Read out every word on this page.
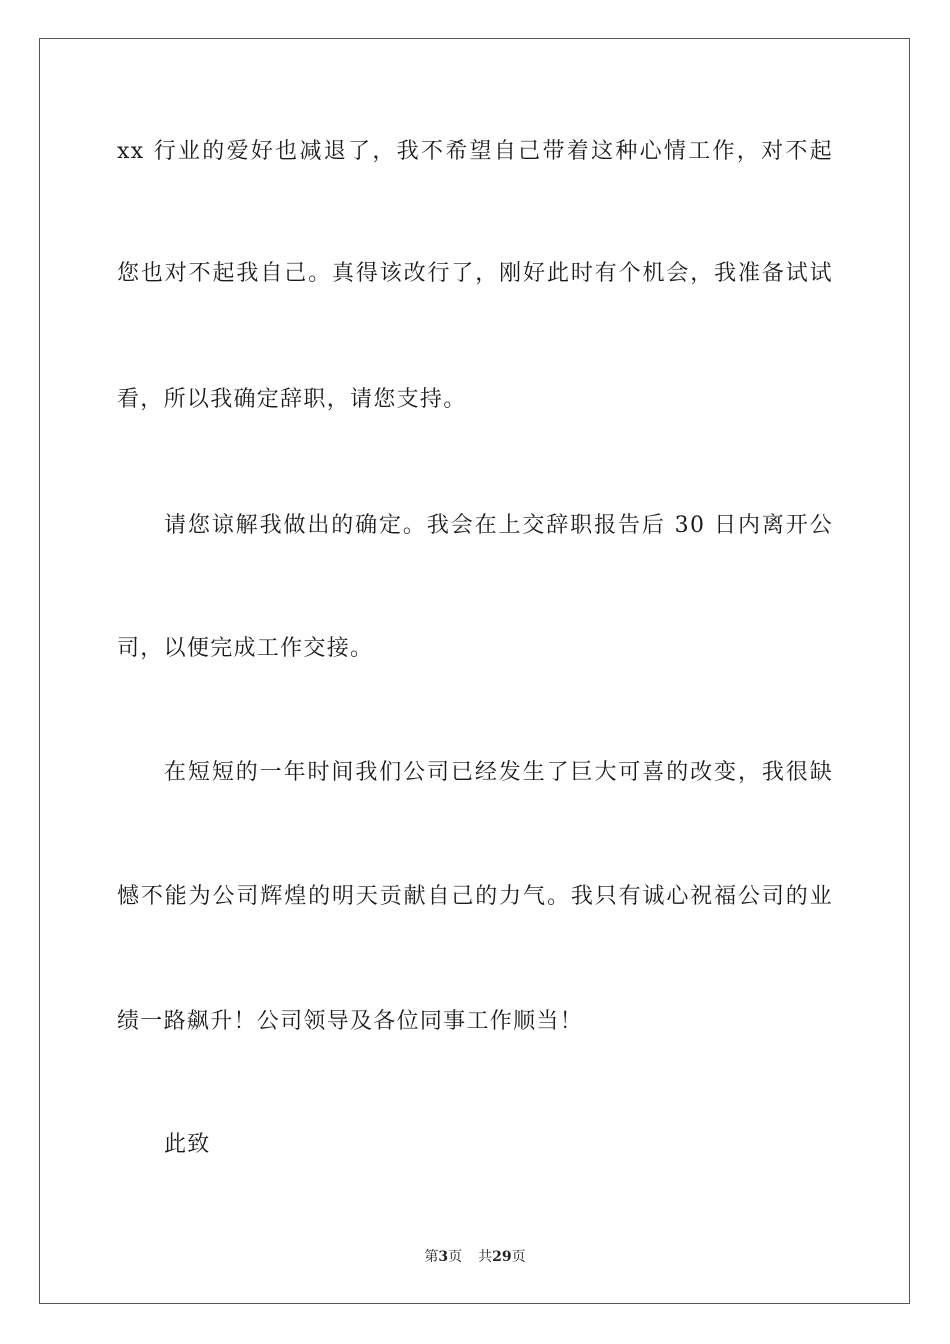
xx 行业的爱好也减退了，我不希望自己带着这种心情工作，对不起
您也对不起我自己。真得该改行了，刚好此时有个机会，我准备试试
看，所以我确定辞职，请您支持。
请您谅解我做出的确定。我会在上交辞职报告后 30 日内离开公
司，以便完成工作交接。
在短短的一年时间我们公司已经发生了巨大可喜的改变，我很缺
憾不能为公司辉煌的明天贡献自己的力气。我只有诚心祝福公司的业
绩一路飙升！公司领导及各位同事工作顺当！
此致
第3页 共29页
